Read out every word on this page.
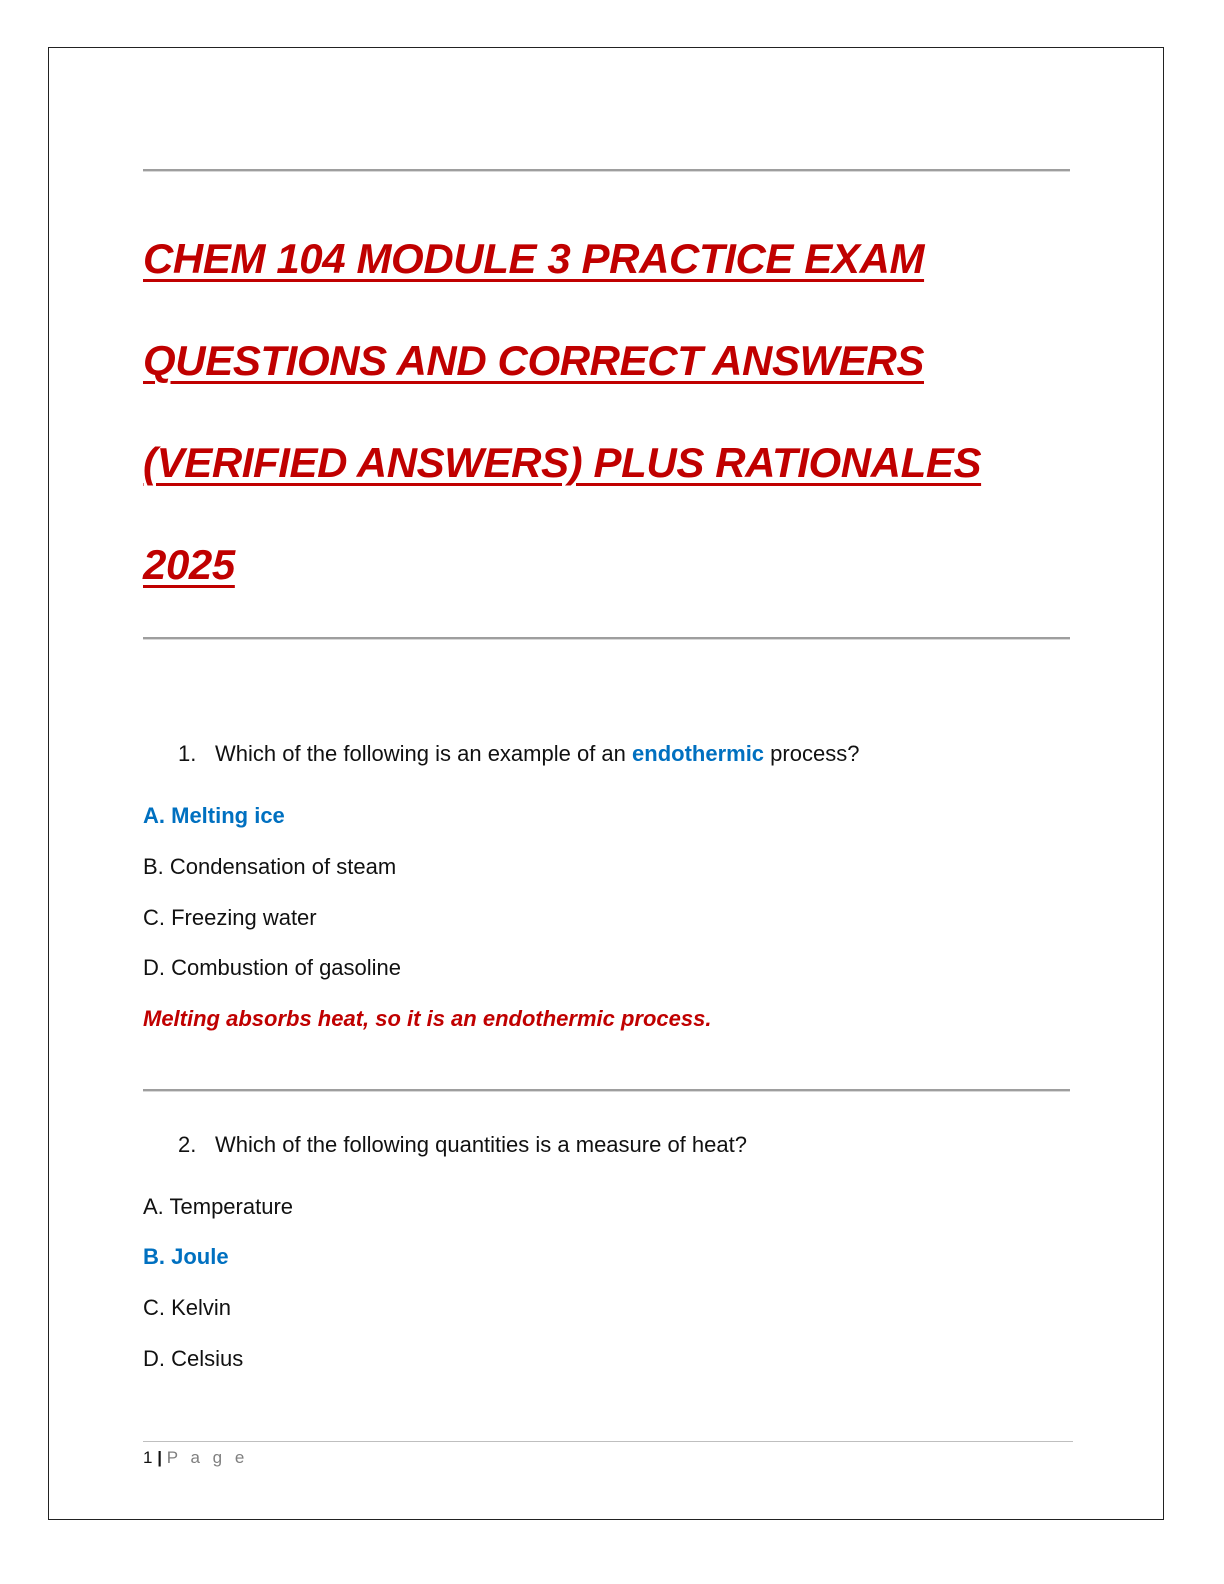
CHEM 104 MODULE 3 PRACTICE EXAM
QUESTIONS AND CORRECT ANSWERS
(VERIFIED ANSWERS) PLUS RATIONALES
2025
1. Which of the following is an example of an endothermic process?
A. Melting ice
B. Condensation of steam
C. Freezing water
D. Combustion of gasoline
Melting absorbs heat, so it is an endothermic process.
2. Which of the following quantities is a measure of heat?
A. Temperature
B. Joule
C. Kelvin
D. Celsius
1 | P a g e
